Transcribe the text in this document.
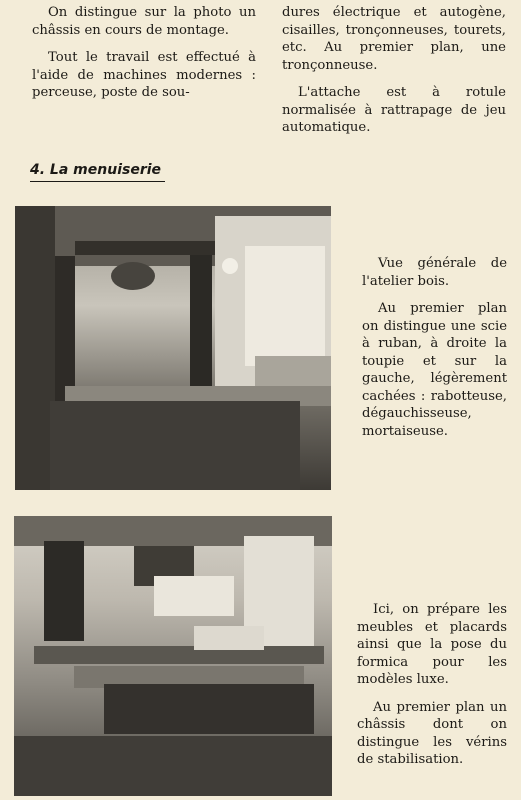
On distingue sur la photo un châssis en cours de montage.

Tout le travail est effectué à l'aide de machines modernes : perceuse, poste de sou-

dures électrique et autogène, cisailles, tronçonneuses, tourets, etc. Au premier plan, une tronçonneuse.

L'attache est à rotule normalisée à rattrapage de jeu automatique.

4. La menuiserie

Vue générale de l'atelier bois.

Au premier plan on distingue une scie à ruban, à droite la toupie et sur la gauche, légèrement cachées : rabotteuse, dégauchisseuse, mortaiseuse.

Ici, on prépare les meubles et placards ainsi que la pose du formica pour les modèles luxe.

Au premier plan un châssis dont on distingue les vérins de stabilisation.
